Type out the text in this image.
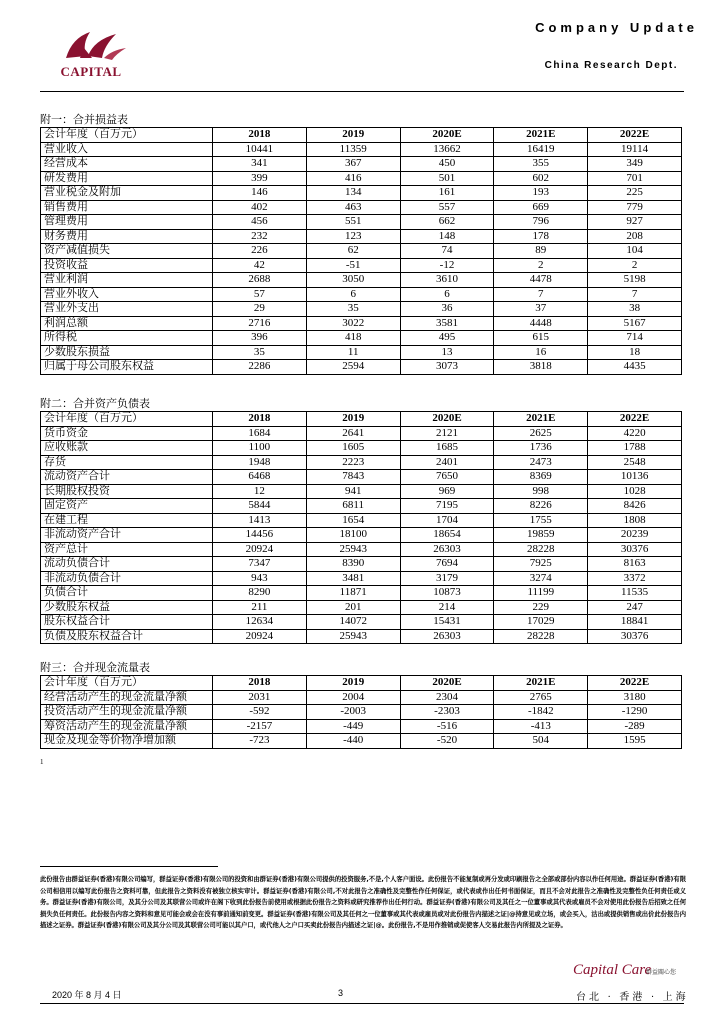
Company Update
China Research Dept.
CAPITAL
附一：合并损益表
会计年度（百万元）	2018	2019	2020E	2021E	2022E
营业收入	10441	11359	13662	16419	19114
经营成本	341	367	450	355	349
研发费用	399	416	501	602	701
营业税金及附加	146	134	161	193	225
销售费用	402	463	557	669	779
管理费用	456	551	662	796	927
财务费用	232	123	148	178	208
资产减值损失	226	62	74	89	104
投资收益	42	-51	-12	2	2
营业利润	2688	3050	3610	4478	5198
营业外收入	57	6	6	7	7
营业外支出	29	35	36	37	38
利润总额	2716	3022	3581	4448	5167
所得税	396	418	495	615	714
少数股东损益	35	11	13	16	18
归属于母公司股东权益	2286	2594	3073	3818	4435
附二：合并资产负债表
会计年度（百万元）	2018	2019	2020E	2021E	2022E
货币资金	1684	2641	2121	2625	4220
应收账款	1100	1605	1685	1736	1788
存货	1948	2223	2401	2473	2548
流动资产合计	6468	7843	7650	8369	10136
长期股权投资	12	941	969	998	1028
固定资产	5844	6811	7195	8226	8426
在建工程	1413	1654	1704	1755	1808
非流动资产合计	14456	18100	18654	19859	20239
资产总计	20924	25943	26303	28228	30376
流动负债合计	7347	8390	7694	7925	8163
非流动负债合计	943	3481	3179	3274	3372
负债合计	8290	11871	10873	11199	11535
少数股东权益	211	201	214	229	247
股东权益合计	12634	14072	15431	17029	18841
负债及股东权益合计	20924	25943	26303	28228	30376
附三：合并现金流量表
会计年度（百万元）	2018	2019	2020E	2021E	2022E
经营活动产生的现金流量净额	2031	2004	2304	2765	3180
投资活动产生的现金流量净额	-592	-2003	-2303	-1842	-1290
筹资活动产生的现金流量净额	-2157	-449	-516	-413	-289
现金及现金等价物净增加额	-723	-440	-520	504	1595
1
此份报告由群益证券(香港)有限公司编写，群益证券(香港)有限公司的投资和由群证券(香港)有限公司提供的投资服务,不是,个人客户面设。此份报告不能复制或再分发或印刷报告之全部或部份内容以作任何用途。群益证券(香港)有限公司相信用以编写此份报告之资料可靠，但此报告之资料没有被独立核实审计。群益证券(香港)有限公司,不对此报告之准确性及完整性作任何保证，或代表或作出任何书面保证，而且不会对此报告之准确性及完整性负任何责任或义务。群益证券(香港)有限公司，及其分公司及其联营公司或许在阁下收到此份报告前使用或根据此份报告之资料或研究推荐作出任何行动。群益证券(香港)有限公司及其任之一位董事或其代表或雇员不会对使用此份报告后招致之任何损失负任何责任。此份报告内容之资料和意见可能会或会在没有事前通知前变更。群益证券(香港)有限公司及其任何之一位董事或其代表或雇员或对此份报告内描述之证|@持意见或立场，或会买入，沽出或提供销售或出价此份报告内描述之证券。群益证券(香港)有限公司及其分公司及其联营公司可能以其户口，或代他人之户口买卖此份报告内描述之证|@。此份报告,不是用作推销或促使客人交易此报告内所提及之证券。
2020 年 8 月 4 日	3
Capital Care
群益關心您
台北 · 香港 · 上海
